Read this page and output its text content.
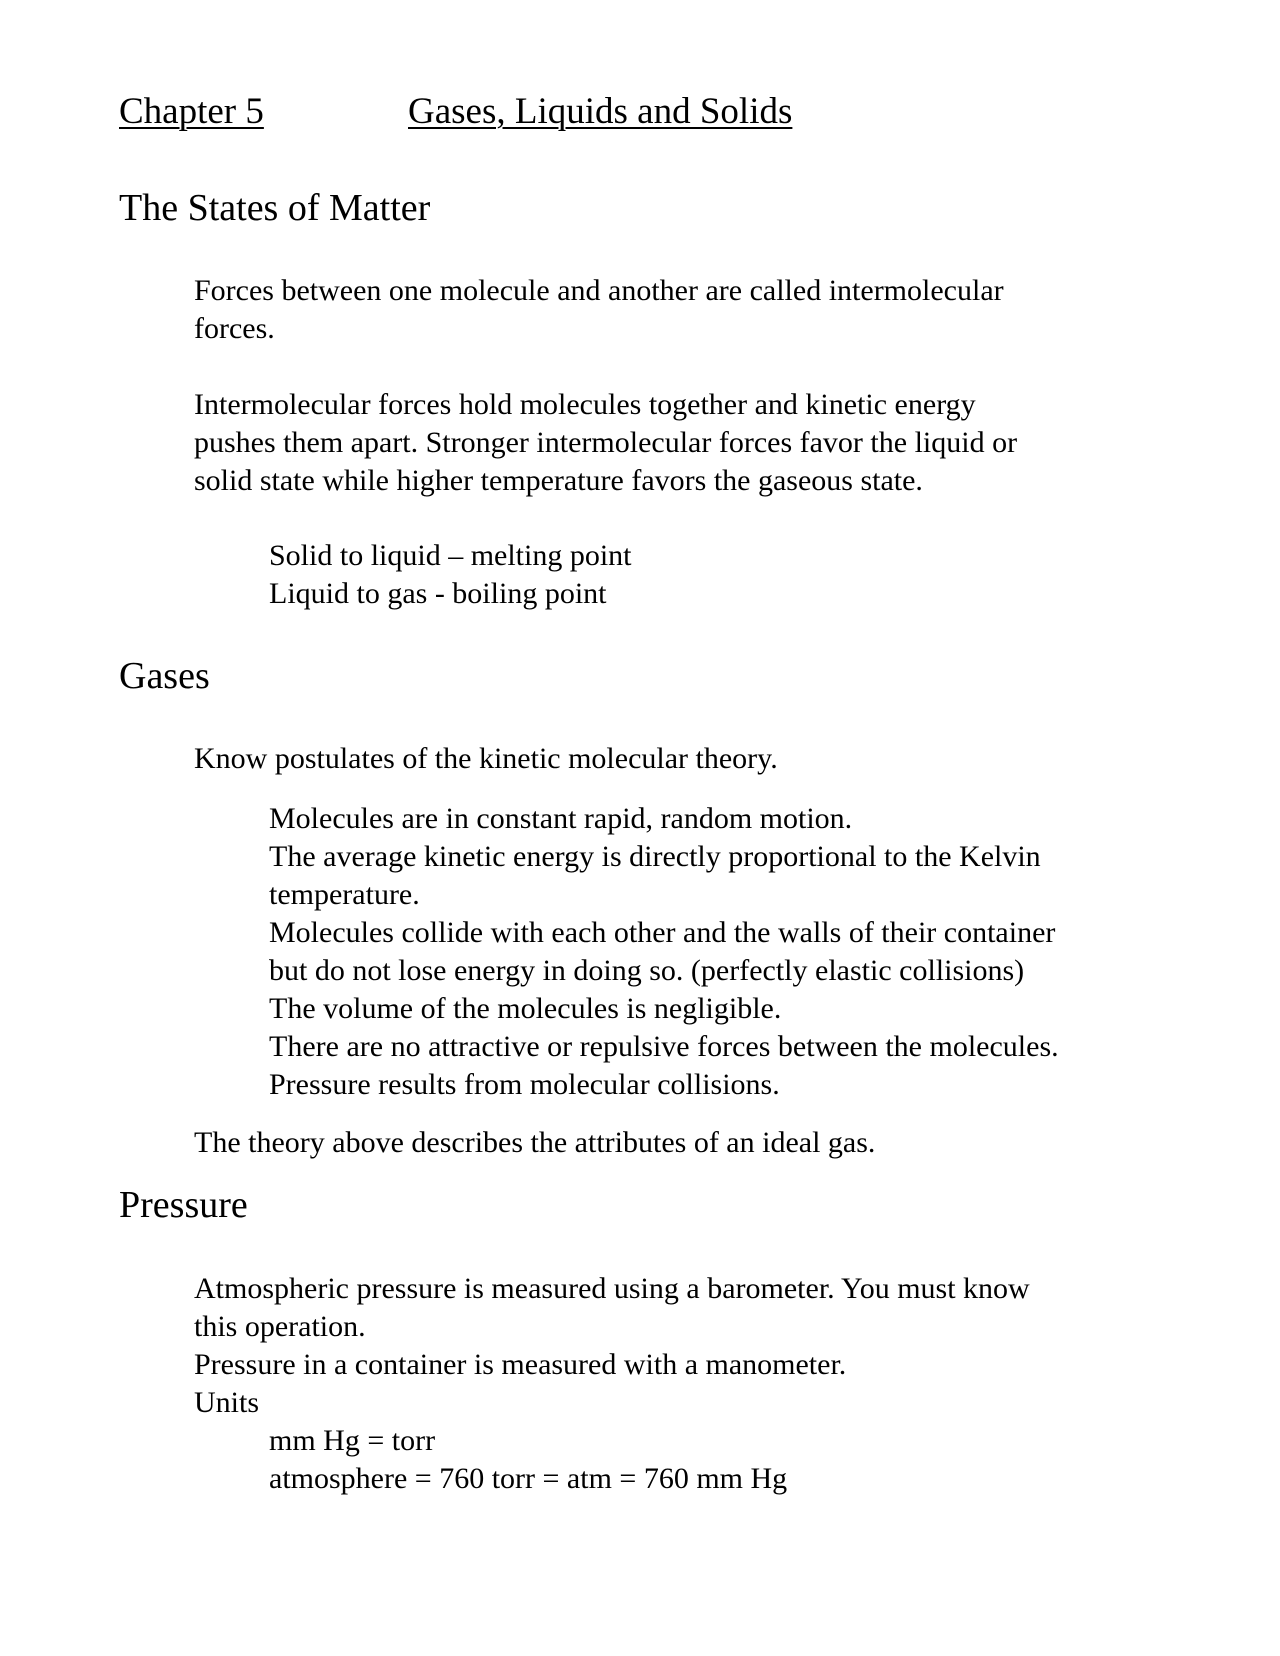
Chapter 5	Gases, Liquids and Solids
The States of Matter
Forces between one molecule and another are called intermolecular
forces.
Intermolecular forces hold molecules together and kinetic energy
pushes them apart. Stronger intermolecular forces favor the liquid or
solid state while higher temperature favors the gaseous state.
Solid to liquid – melting point
Liquid to gas - boiling point
Gases
Know postulates of the kinetic molecular theory.
Molecules are in constant rapid, random motion.
The average kinetic energy is directly proportional to the Kelvin
temperature.
Molecules collide with each other and the walls of their container
but do not lose energy in doing so. (perfectly elastic collisions)
The volume of the molecules is negligible.
There are no attractive or repulsive forces between the molecules.
Pressure results from molecular collisions.
The theory above describes the attributes of an ideal gas.
Pressure
Atmospheric pressure is measured using a barometer. You must know
this operation.
Pressure in a container is measured with a manometer.
Units
mm Hg = torr
atmosphere = 760 torr = atm = 760 mm Hg
